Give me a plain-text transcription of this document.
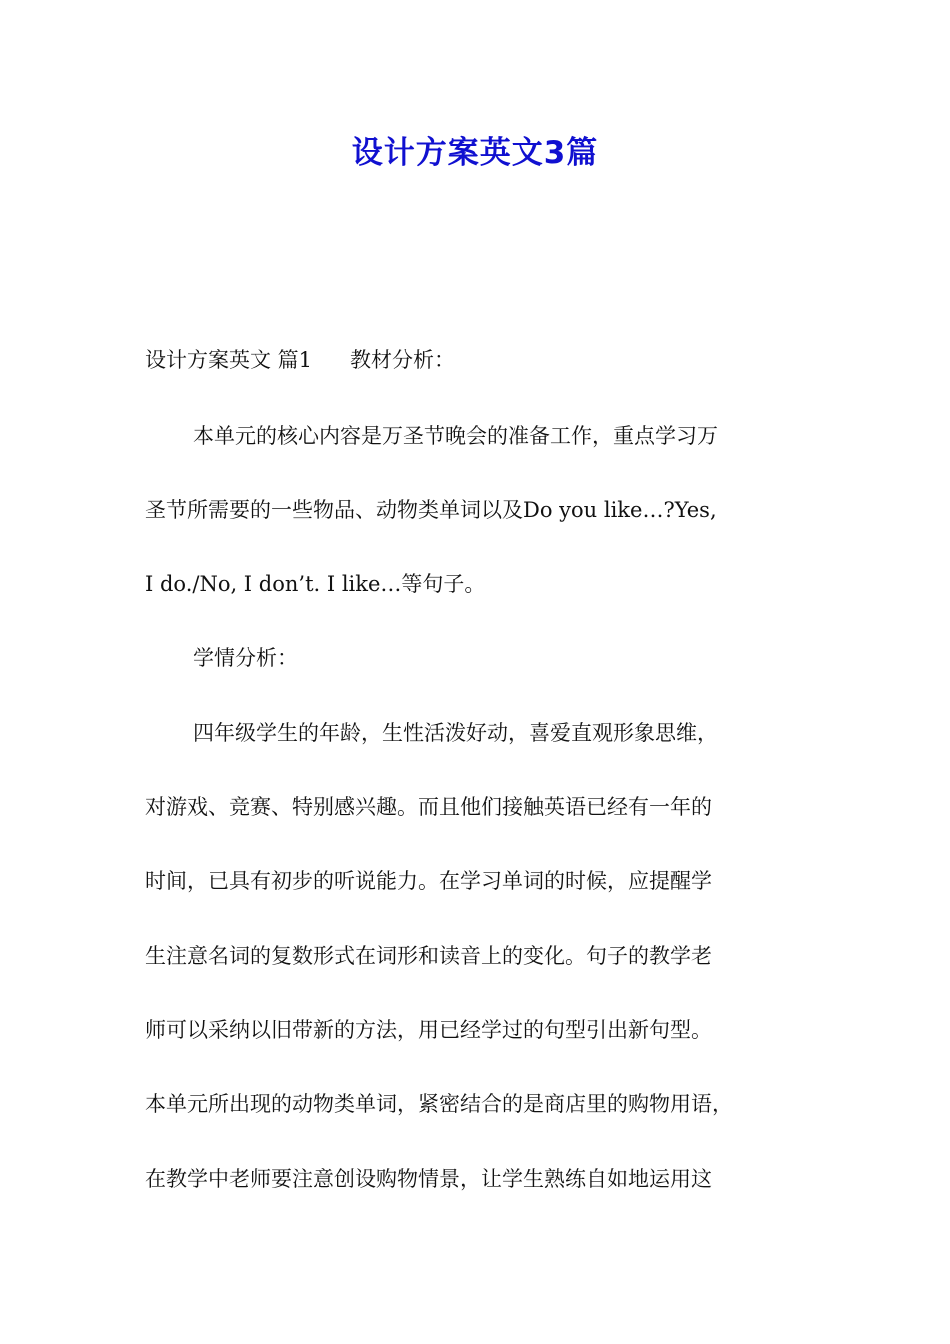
设计方案英文3篇
设计方案英文 篇1 教材分析：
本单元的核心内容是万圣节晚会的准备工作，重点学习万
圣节所需要的一些物品、动物类单词以及Do you like…?Yes,
I do./No, I don’t. I like…等句子。
学情分析：
四年级学生的年龄，生性活泼好动，喜爱直观形象思维，
对游戏、竞赛、特别感兴趣。而且他们接触英语已经有一年的
时间，已具有初步的听说能力。在学习单词的时候，应提醒学
生注意名词的复数形式在词形和读音上的变化。句子的教学老
师可以采纳以旧带新的方法，用已经学过的句型引出新句型。
本单元所出现的动物类单词，紧密结合的是商店里的购物用语，
在教学中老师要注意创设购物情景，让学生熟练自如地运用这
